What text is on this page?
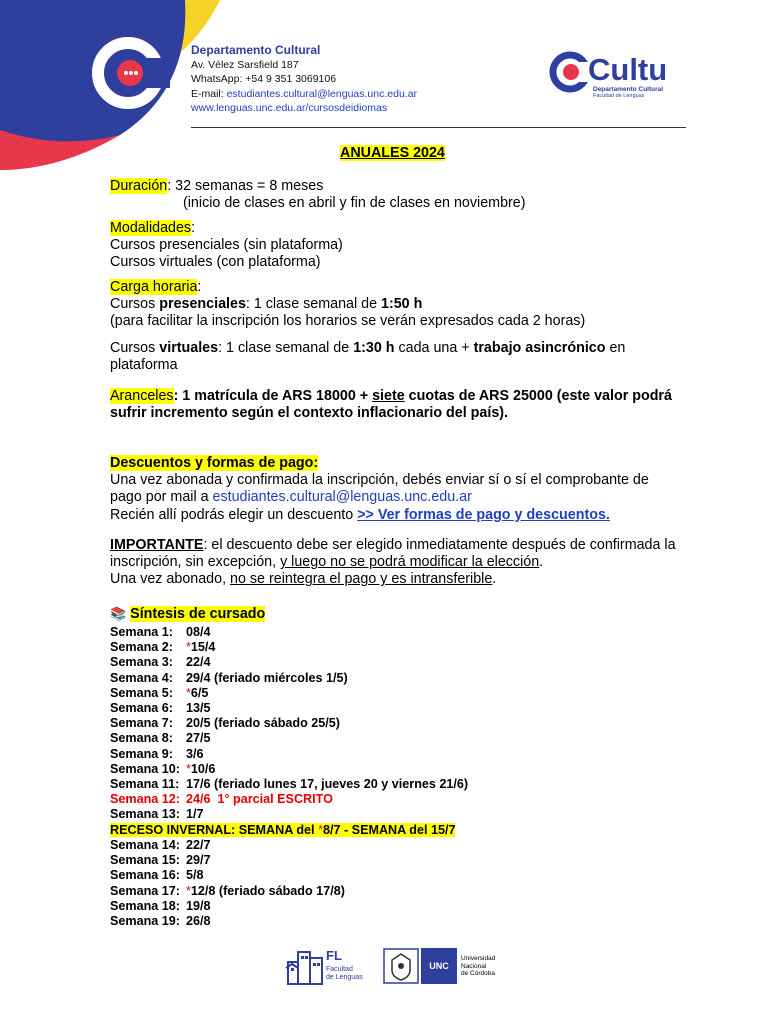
Departamento Cultural
Av. Vélez Sarsfield 187
WhatsApp: +54 9 351 3069106
E-mail: estudiantes.cultural@lenguas.unc.edu.ar
www.lenguas.unc.edu.ar/cursosdeidiomas
Cultu
Departamento Cultural
Facultad de Lenguas
ANUALES 2024
Duración: 32 semanas = 8 meses
(inicio de clases en abril y fin de clases en noviembre)
Modalidades:
Cursos presenciales (sin plataforma)
Cursos virtuales (con plataforma)
Carga horaria:
Cursos presenciales: 1 clase semanal de 1:50 h
(para facilitar la inscripción los horarios se verán expresados cada 2 horas)
Cursos virtuales: 1 clase semanal de 1:30 h cada una + trabajo asincrónico en plataforma
Aranceles: 1 matrícula de ARS 18000 + siete cuotas de ARS 25000 (este valor podrá sufrir incremento según el contexto inflacionario del país).
Descuentos y formas de pago:
Una vez abonada y confirmada la inscripción, debés enviar sí o sí el comprobante de pago por mail a estudiantes.cultural@lenguas.unc.edu.ar
Recién allí podrás elegir un descuento >> Ver formas de pago y descuentos.
IMPORTANTE: el descuento debe ser elegido inmediatamente después de confirmada la inscripción, sin excepción, y luego no se podrá modificar la elección.
Una vez abonado, no se reintegra el pago y es intransferible.
📚 Síntesis de cursado
Semana 1: 08/4
Semana 2: *15/4
Semana 3: 22/4
Semana 4: 29/4 (feriado miércoles 1/5)
Semana 5: *6/5
Semana 6: 13/5
Semana 7: 20/5 (feriado sábado 25/5)
Semana 8: 27/5
Semana 9: 3/6
Semana 10: *10/6
Semana 11: 17/6 (feriado lunes 17, jueves 20 y viernes 21/6)
Semana 12: 24/6  1° parcial ESCRITO
Semana 13: 1/7
RECESO INVERNAL: SEMANA del *8/7 - SEMANA del 15/7
Semana 14: 22/7
Semana 15: 29/7
Semana 16: 5/8
Semana 17: *12/8 (feriado sábado 17/8)
Semana 18: 19/8
Semana 19: 26/8
FL
Facultad
de Lenguas
UNC
Universidad
Nacional
de Córdoba
